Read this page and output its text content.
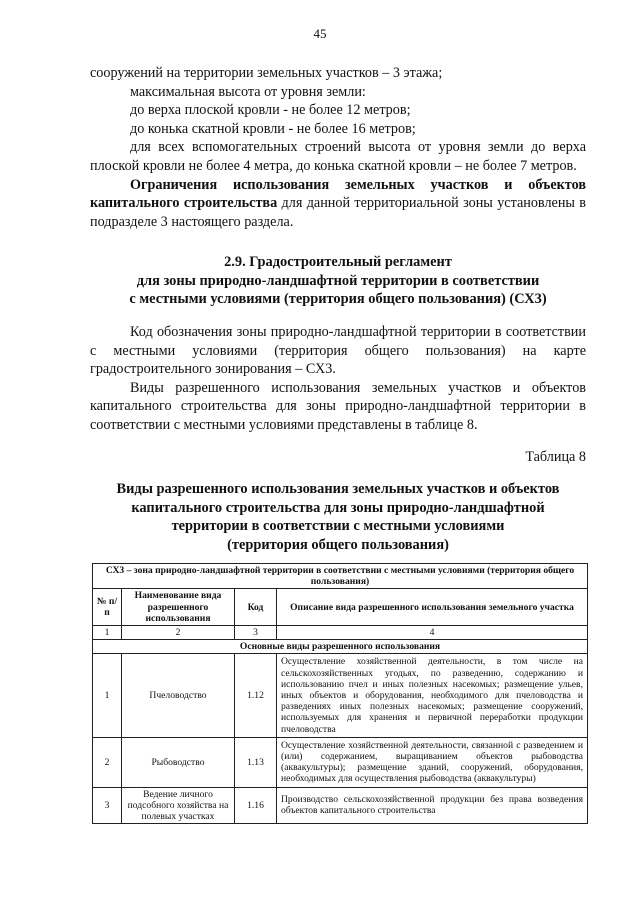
45

сооружений на территории земельных участков – 3 этажа;

максимальная высота от уровня земли:

до верха плоской кровли - не более 12 метров;

до конька скатной кровли - не более 16 метров;

для всех вспомогательных строений высота от уровня земли до верха плоской кровли не более 4 метра, до конька скатной кровли – не более 7 метров.

Ограничения использования земельных участков и объектов капитального строительства для данной территориальной зоны установлены в подразделе 3 настоящего раздела.

2.9. Градостроительный регламент
для зоны природно-ландшафтной территории в соответствии
с местными условиями (территория общего пользования) (СХ3)

Код обозначения зоны природно-ландшафтной территории в соответствии с местными условиями (территория общего пользования) на карте градостроительного зонирования – СХ3.

Виды разрешенного использования земельных участков и объектов капитального строительства для зоны природно-ландшафтной территории в соответствии с местными условиями представлены в таблице 8.

Таблица 8
Виды разрешенного использования земельных участков и объектов
капитального строительства для зоны природно-ландшафтной
территории в соответствии с местными условиями
(территория общего пользования)
СХ3 – зона природно-ландшафтной территории в соответствии с местными условиями (территория общего пользования)			
№ п/п	Наименование вида разрешенного использования	Код	Описание вида разрешенного использования земельного участка
1	2	3	4
Основные виды разрешенного использования			
1	Пчеловодство	1.12	Осуществление хозяйственной деятельности, в том числе на сельскохозяйственных угодьях, по разведению, содержанию и использованию пчел и иных полезных насекомых; размещение ульев, иных объектов и оборудования, необходимого для пчеловодства и разведениях иных полезных насекомых; размещение сооружений, используемых для хранения и первичной переработки продукции пчеловодства
2	Рыбоводство	1.13	Осуществление хозяйственной деятельности, связанной с разведением и (или) содержанием, выращиванием объектов рыбоводства (аквакультуры); размещение зданий, сооружений, оборудования, необходимых для осуществления рыбоводства (аквакультуры)
3	Ведение личного подсобного хозяйства на полевых участках	1.16	Производство сельскохозяйственной продукции без права возведения объектов капитального строительства
